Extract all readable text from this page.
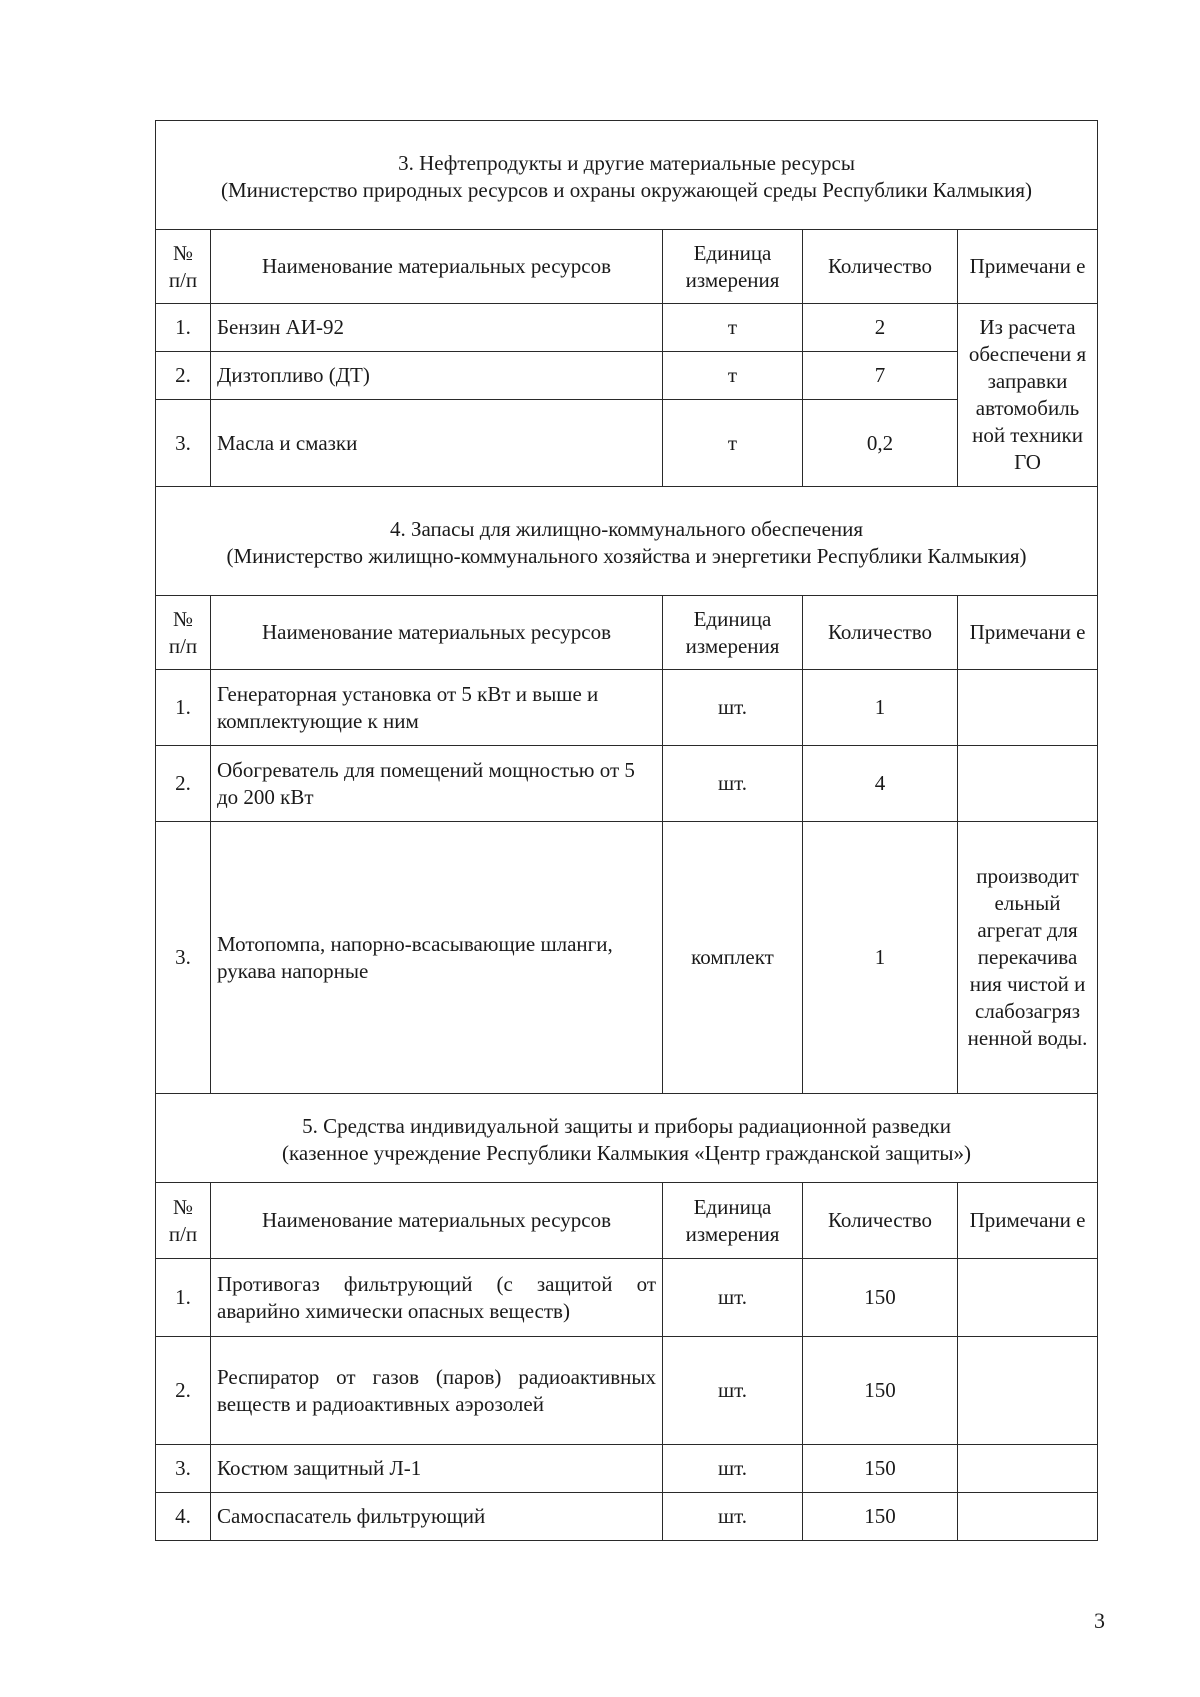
3. Нефтепродукты и другие материальные ресурсы
(Министерство природных ресурсов и охраны окружающей среды Республики Калмыкия)				

№ п/п	Наименование материальных ресурсов	Единица измерения	Количество	Примечани е
1.	Бензин АИ-92	т	2	Из расчета обеспечени я заправки автомобиль ной техники ГО
2.	Дизтопливо (ДТ)	т	7	
3.	Масла и смазки	т	0,2	

4. Запасы для жилищно-коммунального обеспечения
(Министерство жилищно-коммунального хозяйства и энергетики Республики Калмыкия)				

№ п/п	Наименование материальных ресурсов	Единица измерения	Количество	Примечани е
1.	Генераторная установка от 5 кВт и выше и комплектующие к ним	шт.	1	
2.	Обогреватель для помещений мощностью от 5 до 200 кВт	шт.	4	
3.	Мотопомпа, напорно-всасывающие шланги, рукава напорные	комплект	1	производит ельный агрегат для перекачива ния чистой и слабозагряз ненной воды.

5. Средства индивидуальной защиты и приборы радиационной разведки
(казенное учреждение Республики Калмыкия «Центр гражданской защиты»)				

№ п/п	Наименование материальных ресурсов	Единица измерения	Количество	Примечани е
1.	Противогаз фильтрующий (с защитой от аварийно химически опасных веществ)	шт.	150	
2.	Респиратор от газов (паров) радиоактивных веществ и радиоактивных аэрозолей	шт.	150	
3.	Костюм защитный Л-1	шт.	150	
4.	Самоспасатель фильтрующий	шт.	150	
3
